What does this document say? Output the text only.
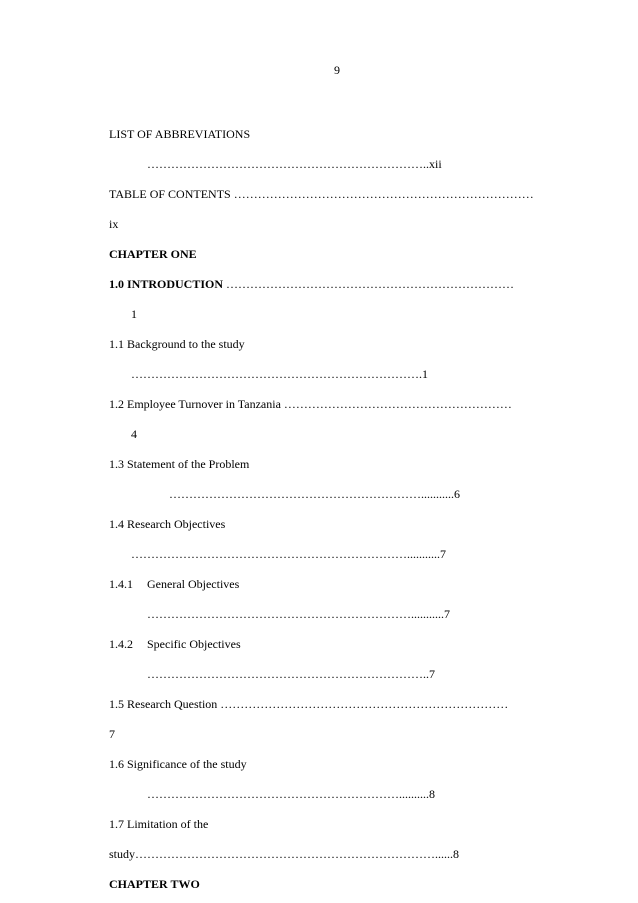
9
LIST OF ABBREVIATIONS
……………………………………………………………..xii
TABLE OF CONTENTS …………………………………………………………………
ix
CHAPTER ONE
1.0 INTRODUCTION ………………………………………………………………
1
1.1 Background to the study
……………………………………………………………….1
1.2 Employee Turnover in Tanzania …………………………………………………
4
1.3 Statement of the Problem
………………………………………………………...........6
1.4 Research Objectives
……………………………………………………………...........7
1.4.1 General Objectives
…………………………………………………………...........7
1.4.2 Specific Objectives
……………………………………………………………..7
1.5 Research Question ………………………………………………………………
7
1.6 Significance of the study
………………………………………………………..........8
1.7 Limitation of the
study…………………………………………………………………......8
CHAPTER TWO
